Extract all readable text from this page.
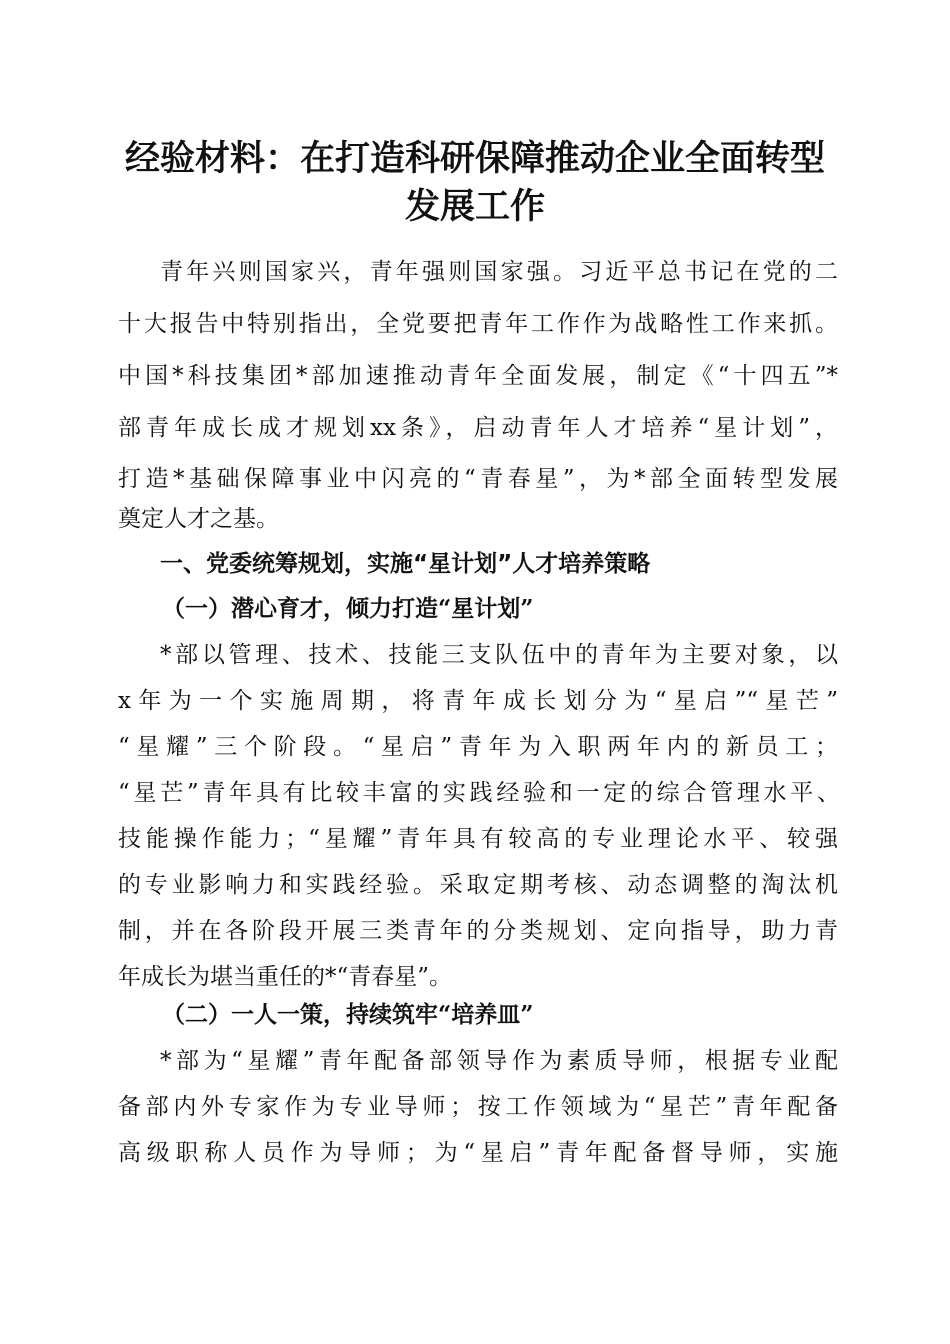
经验材料：在打造科研保障推动企业全面转型
发展工作
青年兴则国家兴，青年强则国家强。习近平总书记在党的二
十大报告中特别指出，全党要把青年工作作为战略性工作来抓。
中国*科技集团*部加速推动青年全面发展，制定《“十四五”*
部青年成长成才规划xx条》，启动青年人才培养“星计划”，
打造*基础保障事业中闪亮的“青春星”，为*部全面转型发展
奠定人才之基。
一、党委统筹规划，实施“星计划”人才培养策略
（一）潜心育才，倾力打造“星计划”
*部以管理、技术、技能三支队伍中的青年为主要对象，以
x年为一个实施周期，将青年成长划分为“星启”“星芒”
“星耀”三个阶段。“星启”青年为入职两年内的新员工；
“星芒”青年具有比较丰富的实践经验和一定的综合管理水平、
技能操作能力；“星耀”青年具有较高的专业理论水平、较强
的专业影响力和实践经验。采取定期考核、动态调整的淘汰机
制，并在各阶段开展三类青年的分类规划、定向指导，助力青
年成长为堪当重任的*“青春星”。
（二）一人一策，持续筑牢“培养皿”
*部为“星耀”青年配备部领导作为素质导师，根据专业配
备部内外专家作为专业导师；按工作领域为“星芒”青年配备
高级职称人员作为导师；为“星启”青年配备督导师，实施
